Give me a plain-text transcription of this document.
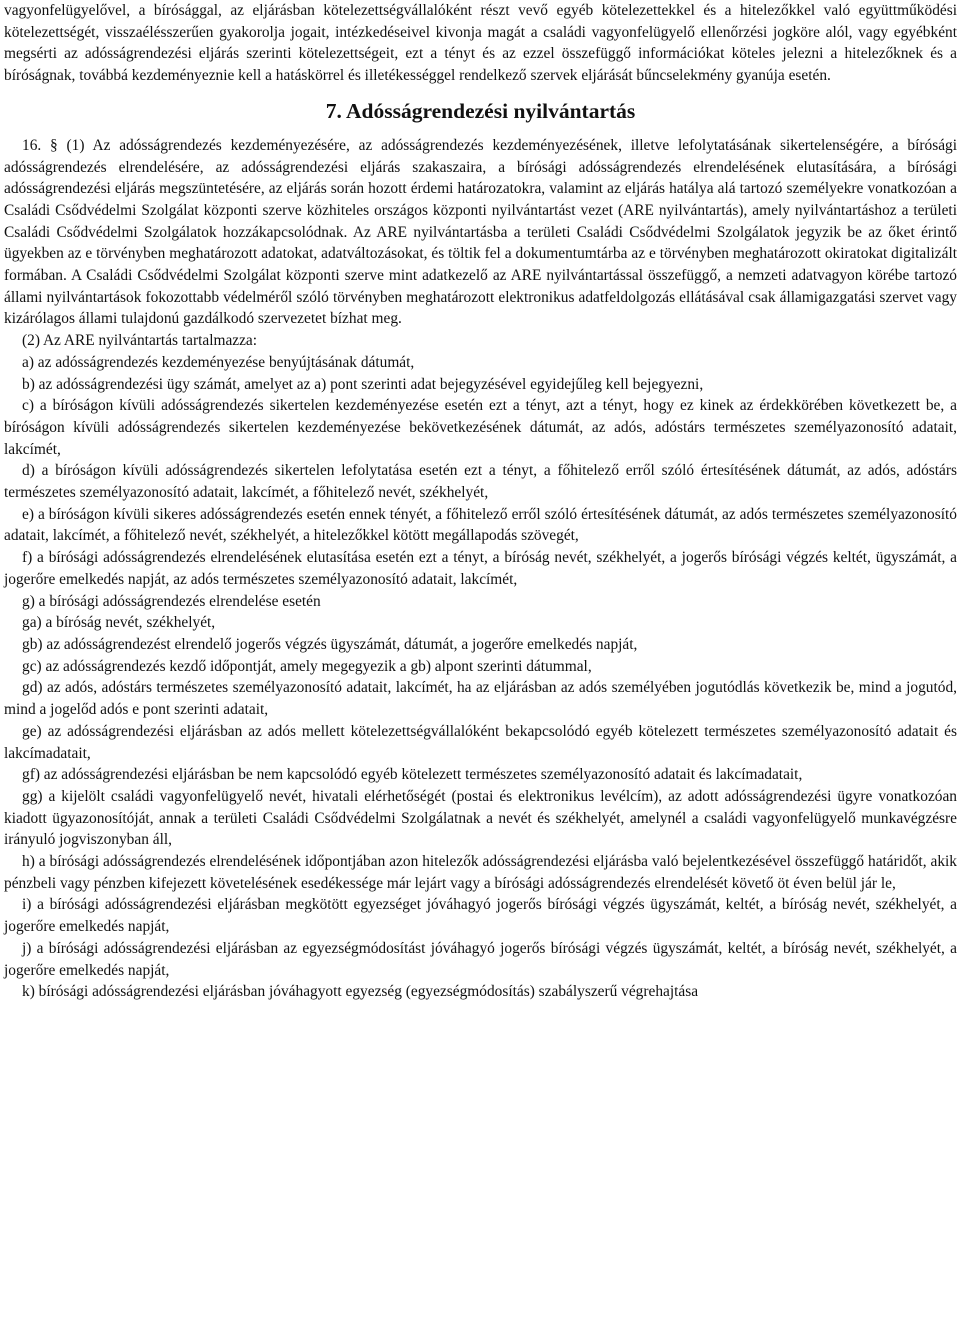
vagyonfelügyelővel, a bírósággal, az eljárásban kötelezettségvállalóként részt vevő egyéb kötelezettekkel és a hitelezőkkel való együttműködési kötelezettségét, visszaélésszerűen gyakorolja jogait, intézkedéseivel kivonja magát a családi vagyonfelügyelő ellenőrzési jogköre alól, vagy egyébként megsérti az adósságrendezési eljárás szerinti kötelezettségeit, ezt a tényt és az ezzel összefüggő információkat köteles jelezni a hitelezőknek és a bíróságnak, továbbá kezdeményeznie kell a hatáskörrel és illetékességgel rendelkező szervek eljárását bűncselekmény gyanúja esetén.

7. Adósságrendezési nyilvántartás

16. § (1) Az adósságrendezés kezdeményezésére, az adósságrendezés kezdeményezésének, illetve lefolytatásának sikertelenségére, a bírósági adósságrendezés elrendelésére, az adósságrendezési eljárás szakaszaira, a bírósági adósságrendezés elrendelésének elutasítására, a bírósági adósságrendezési eljárás megszüntetésére, az eljárás során hozott érdemi határozatokra, valamint az eljárás hatálya alá tartozó személyekre vonatkozóan a Családi Csődvédelmi Szolgálat központi szerve közhiteles országos központi nyilvántartást vezet (ARE nyilvántartás), amely nyilvántartáshoz a területi Családi Csődvédelmi Szolgálatok hozzákapcsolódnak. Az ARE nyilvántartásba a területi Családi Csődvédelmi Szolgálatok jegyzik be az őket érintő ügyekben az e törvényben meghatározott adatokat, adatváltozásokat, és töltik fel a dokumentumtárba az e törvényben meghatározott okiratokat digitalizált formában. A Családi Csődvédelmi Szolgálat központi szerve mint adatkezelő az ARE nyilvántartással összefüggő, a nemzeti adatvagyon körébe tartozó állami nyilvántartások fokozottabb védelméről szóló törvényben meghatározott elektronikus adatfeldolgozás ellátásával csak államigazgatási szervet vagy kizárólagos állami tulajdonú gazdálkodó szervezetet bízhat meg.

(2) Az ARE nyilvántartás tartalmazza:

a) az adósságrendezés kezdeményezése benyújtásának dátumát,

b) az adósságrendezési ügy számát, amelyet az a) pont szerinti adat bejegyzésével egyidejűleg kell bejegyezni,

c) a bíróságon kívüli adósságrendezés sikertelen kezdeményezése esetén ezt a tényt, azt a tényt, hogy ez kinek az érdekkörében következett be, a bíróságon kívüli adósságrendezés sikertelen kezdeményezése bekövetkezésének dátumát, az adós, adóstárs természetes személyazonosító adatait, lakcímét,

d) a bíróságon kívüli adósságrendezés sikertelen lefolytatása esetén ezt a tényt, a főhitelező erről szóló értesítésének dátumát, az adós, adóstárs természetes személyazonosító adatait, lakcímét, a főhitelező nevét, székhelyét,

e) a bíróságon kívüli sikeres adósságrendezés esetén ennek tényét, a főhitelező erről szóló értesítésének dátumát, az adós természetes személyazonosító adatait, lakcímét, a főhitelező nevét, székhelyét, a hitelezőkkel kötött megállapodás szövegét,

f) a bírósági adósságrendezés elrendelésének elutasítása esetén ezt a tényt, a bíróság nevét, székhelyét, a jogerős bírósági végzés keltét, ügyszámát, a jogerőre emelkedés napját, az adós természetes személyazonosító adatait, lakcímét,

g) a bírósági adósságrendezés elrendelése esetén

ga) a bíróság nevét, székhelyét,

gb) az adósságrendezést elrendelő jogerős végzés ügyszámát, dátumát, a jogerőre emelkedés napját,

gc) az adósságrendezés kezdő időpontját, amely megegyezik a gb) alpont szerinti dátummal,

gd) az adós, adóstárs természetes személyazonosító adatait, lakcímét, ha az eljárásban az adós személyében jogutódlás következik be, mind a jogutód, mind a jogelőd adós e pont szerinti adatait,

ge) az adósságrendezési eljárásban az adós mellett kötelezettségvállalóként bekapcsolódó egyéb kötelezett természetes személyazonosító adatait és lakcímadatait,

gf) az adósságrendezési eljárásban be nem kapcsolódó egyéb kötelezett természetes személyazonosító adatait és lakcímadatait,

gg) a kijelölt családi vagyonfelügyelő nevét, hivatali elérhetőségét (postai és elektronikus levélcím), az adott adósságrendezési ügyre vonatkozóan kiadott ügyazonosítóját, annak a területi Családi Csődvédelmi Szolgálatnak a nevét és székhelyét, amelynél a családi vagyonfelügyelő munkavégzésre irányuló jogviszonyban áll,

h) a bírósági adósságrendezés elrendelésének időpontjában azon hitelezők adósságrendezési eljárásba való bejelentkezésével összefüggő határidőt, akik pénzbeli vagy pénzben kifejezett követelésének esedékessége már lejárt vagy a bírósági adósságrendezés elrendelését követő öt éven belül jár le,

i) a bírósági adósságrendezési eljárásban megkötött egyezséget jóváhagyó jogerős bírósági végzés ügyszámát, keltét, a bíróság nevét, székhelyét, a jogerőre emelkedés napját,

j) a bírósági adósságrendezési eljárásban az egyezségmódosítást jóváhagyó jogerős bírósági végzés ügyszámát, keltét, a bíróság nevét, székhelyét, a jogerőre emelkedés napját,

k) bírósági adósságrendezési eljárásban jóváhagyott egyezség (egyezségmódosítás) szabályszerű végrehajtása
